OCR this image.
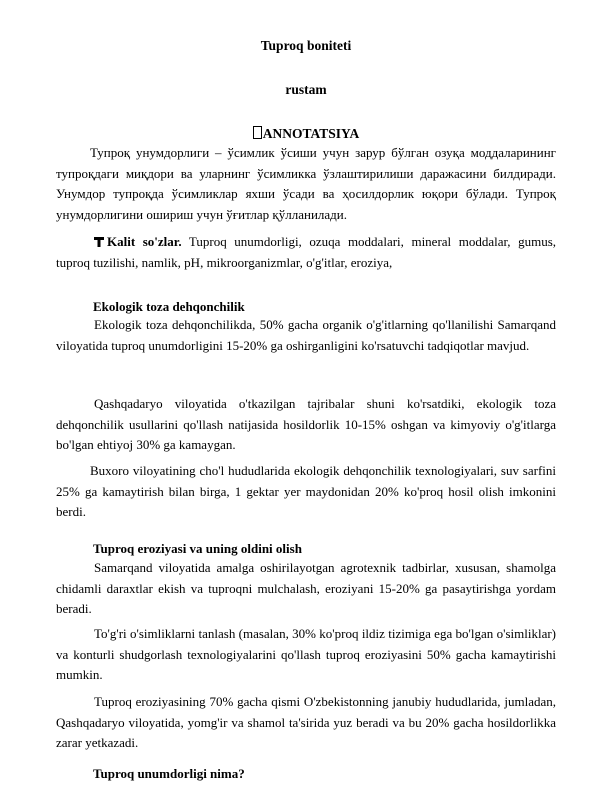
Tuproq boniteti
rustam
ANNOTATSIYA
Тупроқ унумдорлиги – ўсимлик ўсиши учун зарур бўлган озуқа моддаларининг тупроқдаги миқдори ва уларнинг ўсимликка ўзлаштирилиши даражасини билдиради. Унумдор тупроқда ўсимликлар яхши ўсади ва ҳосилдорлик юқори бўлади. Тупроқ унумдорлигини ошириш учун ўғитлар қўлланилади.
Kalit so'zlar. Tuproq unumdorligi, ozuqa moddalari, mineral moddalar, gumus, tuproq tuzilishi, namlik, pH, mikroorganizmlar, o'g'itlar, eroziya,
Ekologik toza dehqonchilik
Ekologik toza dehqonchilikda, 50% gacha organik o'g'itlarning qo'llanilishi Samarqand viloyatida tuproq unumdorligini 15-20% ga oshirganligini ko'rsatuvchi tadqiqotlar mavjud.
Qashqadaryo viloyatida o'tkazilgan tajribalar shuni ko'rsatdiki, ekologik toza dehqonchilik usullarini qo'llash natijasida hosildorlik 10-15% oshgan va kimyoviy o'g'itlarga bo'lgan ehtiyoj 30% ga kamaygan.
Buxoro viloyatining cho'l hududlarida ekologik dehqonchilik texnologiyalari, suv sarfini 25% ga kamaytirish bilan birga, 1 gektar yer maydonidan 20% ko'proq hosil olish imkonini berdi.
Tuproq eroziyasi va uning oldini olish
Samarqand viloyatida amalga oshirilayotgan agrotexnik tadbirlar, xususan, shamolga chidamli daraxtlar ekish va tuproqni mulchalash, eroziyani 15-20% ga pasaytirishga yordam beradi.
To'g'ri o'simliklarni tanlash (masalan, 30% ko'proq ildiz tizimiga ega bo'lgan o'simliklar) va konturli shudgorlash texnologiyalarini qo'llash tuproq eroziyasini 50% gacha kamaytirishi mumkin.
Tuproq eroziyasining 70% gacha qismi O'zbekistonning janubiy hududlarida, jumladan, Qashqadaryo viloyatida, yomg'ir va shamol ta'sirida yuz beradi va bu 20% gacha hosildorlikka zarar yetkazadi.
Tuproq unumdorligi nima?
